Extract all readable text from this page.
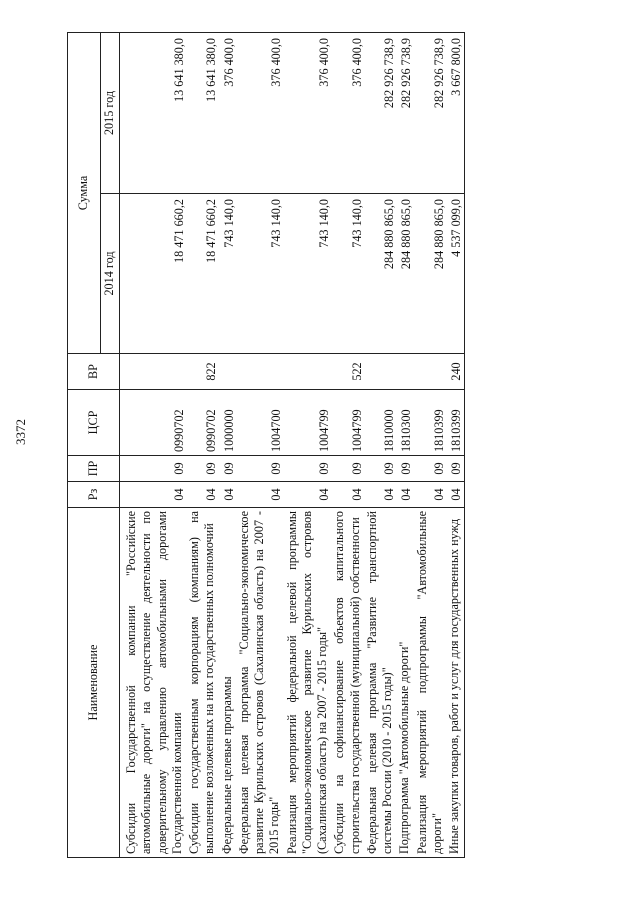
3372
Наименование	Рз	ПР	ЦСР	ВР	Сумма	
					2014 год	2015 год
Субсидии Государственной компании "Российские автомобильные дороги" на осуществление деятельности по доверительному управлению автомобильными дорогами Государственной компании	04	09	0990702		18 471 660,2	13 641 380,0
Субсидии государственным корпорациям (компаниям) на выполнение возложенных на них государственных полномочий	04	09	0990702	822	18 471 660,2	13 641 380,0
Федеральные целевые программы	04	09	1000000		743 140,0	376 400,0
Федеральная целевая программа "Социально-экономическое развитие Курильских островов (Сахалинская область) на 2007 - 2015 годы"	04	09	1004700		743 140,0	376 400,0
Реализация мероприятий федеральной целевой программы "Социально-экономическое развитие Курильских островов (Сахалинская область) на 2007 - 2015 годы"	04	09	1004799		743 140,0	376 400,0
Субсидии на софинансирование объектов капитального строительства государственной (муниципальной) собственности	04	09	1004799	522	743 140,0	376 400,0
Федеральная целевая программа "Развитие транспортной системы России (2010 - 2015 годы)"	04	09	1810000		284 880 865,0	282 926 738,9
Подпрограмма "Автомобильные дороги"	04	09	1810300		284 880 865,0	282 926 738,9
Реализация мероприятий подпрограммы "Автомобильные дороги"	04	09	1810399		284 880 865,0	282 926 738,9
Иные закупки товаров, работ и услуг для государственных нужд	04	09	1810399	240	4 537 099,0	3 667 800,0
